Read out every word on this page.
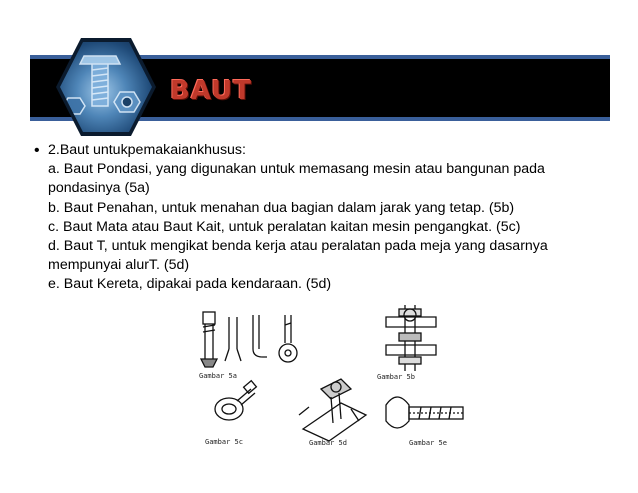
BAUT
• 2.Baut untukpemakaiankhusus:

a. Baut Pondasi, yang digunakan untuk memasang mesin atau bangunan pada

pondasinya (5a)

b. Baut Penahan, untuk menahan dua bagian dalam jarak yang tetap. (5b)

c. Baut Mata atau Baut Kait, untuk peralatan kaitan mesin pengangkat. (5c)

d. Baut T, untuk mengikat benda kerja atau peralatan pada meja yang dasarnya

mempunyai alurT. (5d)

e. Baut Kereta, dipakai pada kendaraan. (5d)

Gambar 5a	Gambar 5b
Gambar 5c	Gambar 5d	Gambar 5e
